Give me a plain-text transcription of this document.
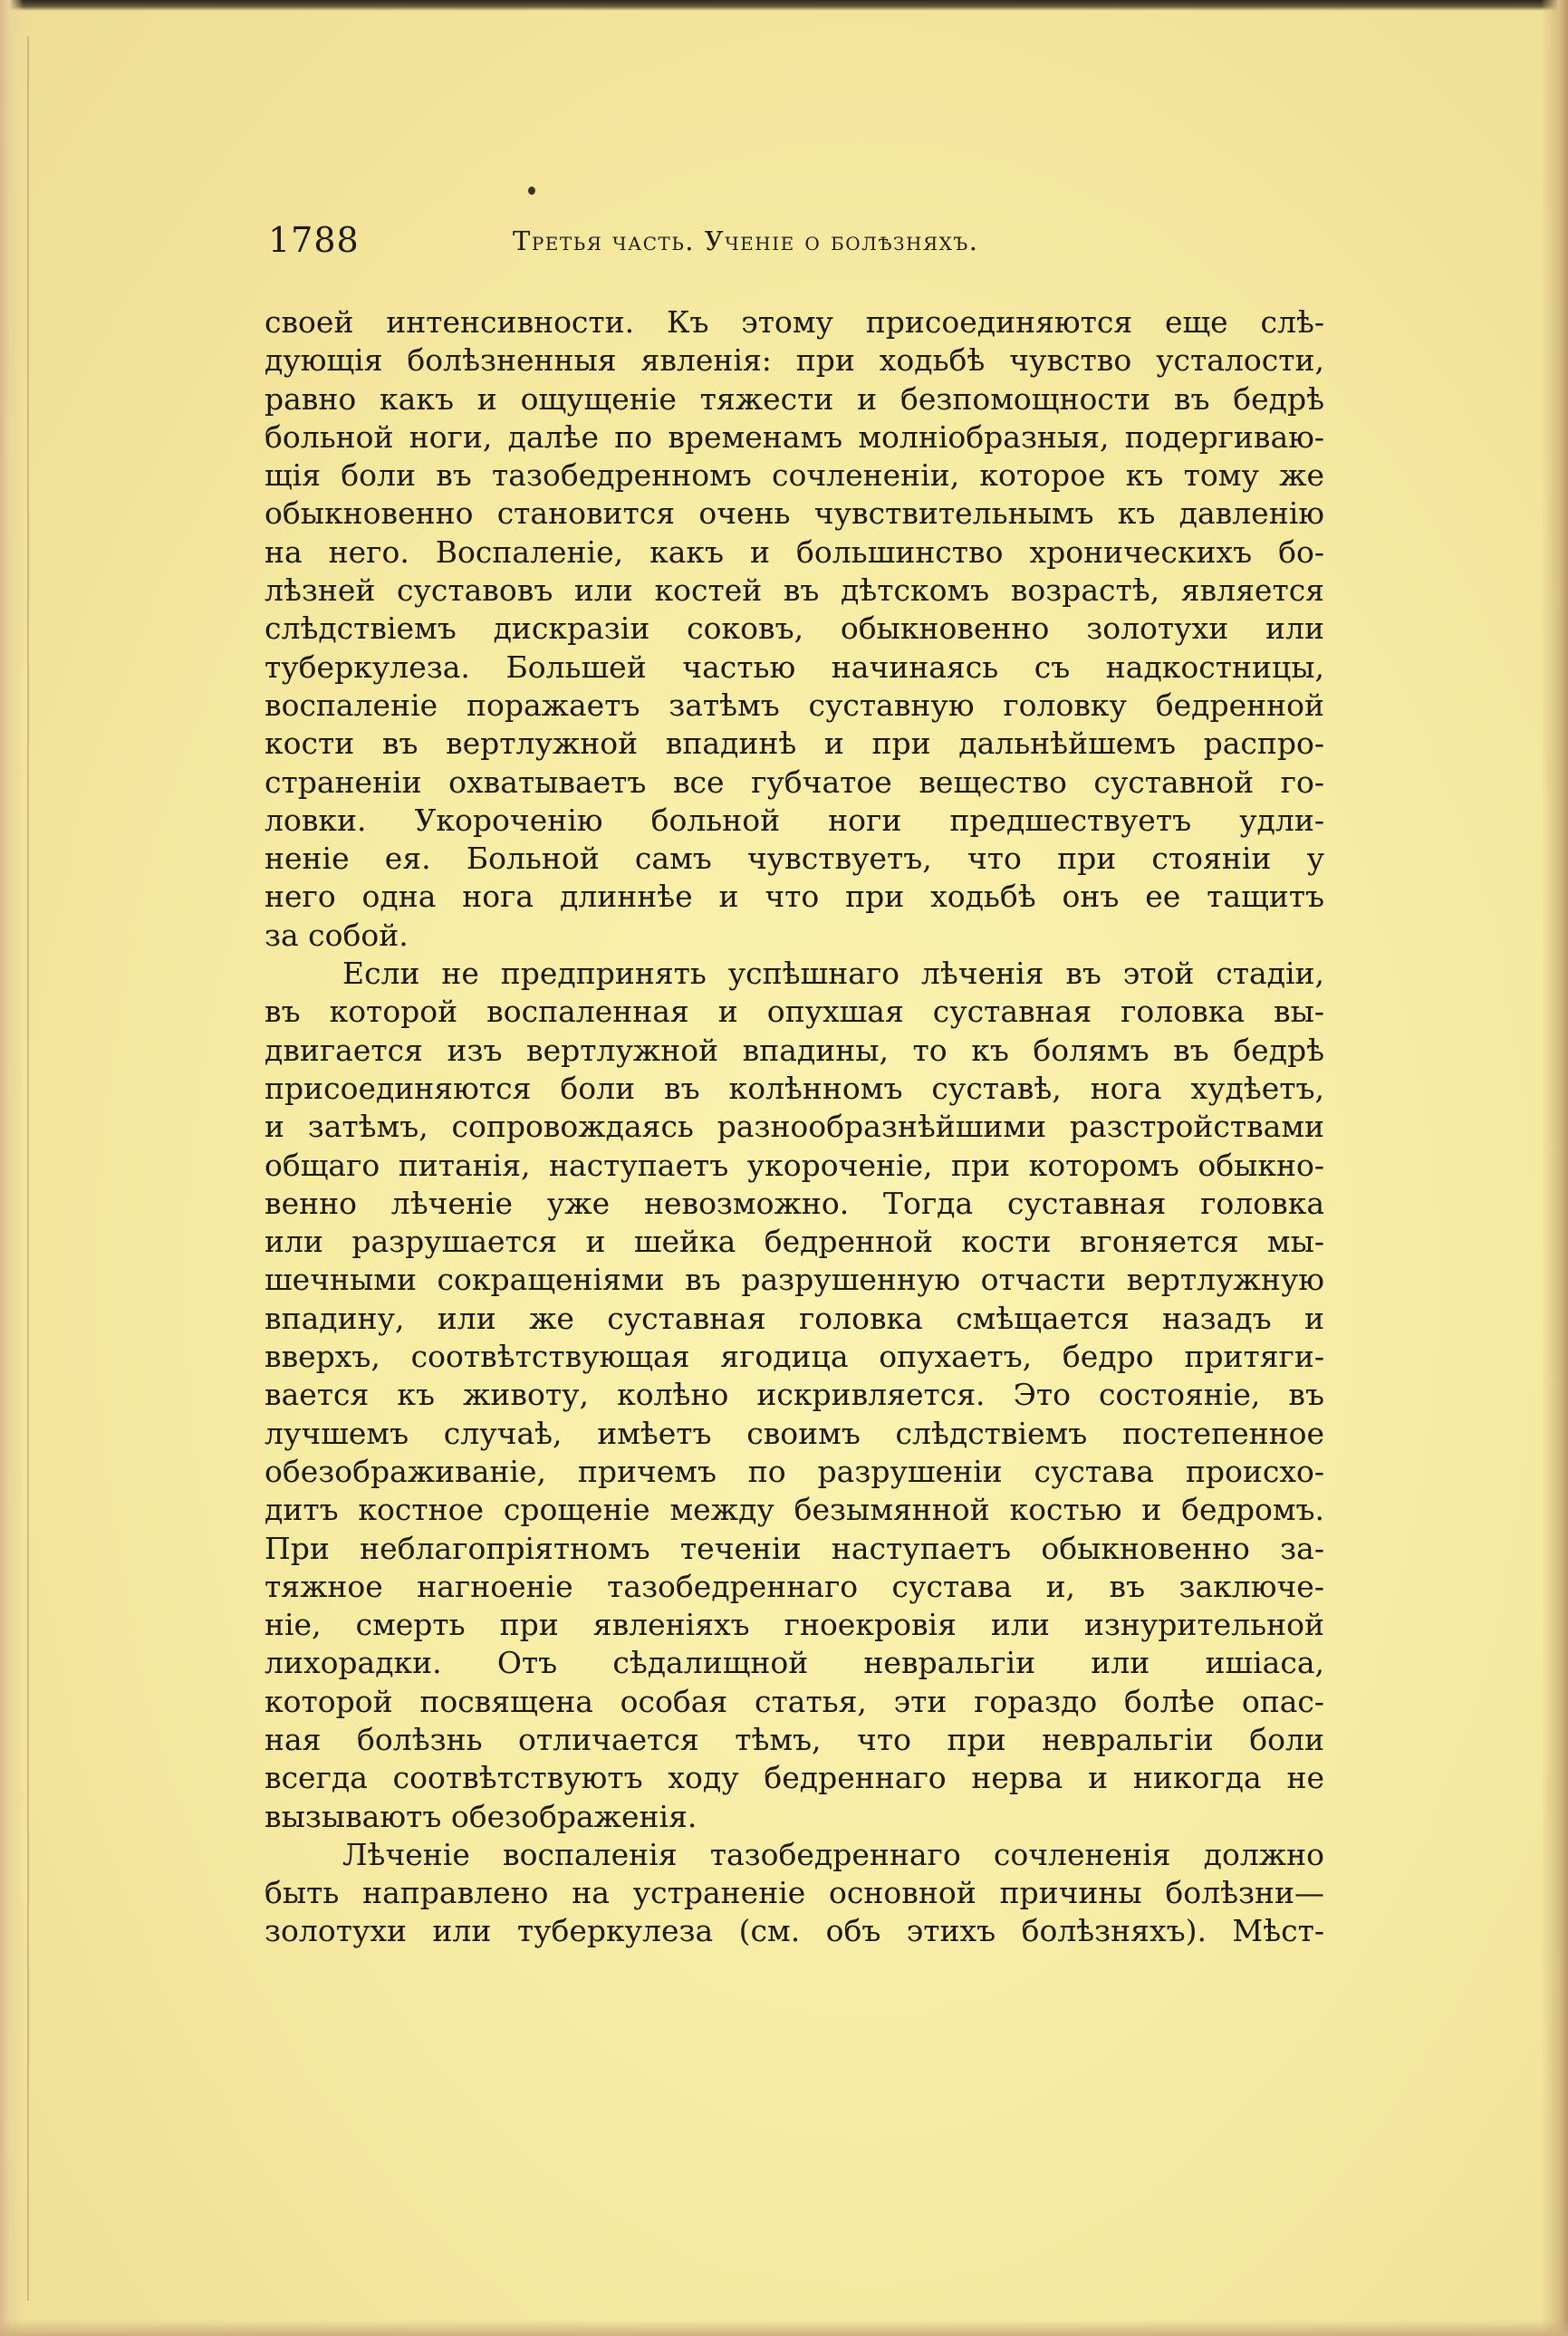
1788	Третья часть. Ученіе о болѣзняхъ.
своей интенсивности. Къ этому присоединяются еще слѣ-
дующія болѣзненныя явленія: при ходьбѣ чувство усталости,
равно какъ и ощущеніе тяжести и безпомощности въ бедрѣ
больной ноги, далѣе по временамъ молніобразныя, подергиваю-
щія боли въ тазобедренномъ сочлененіи, которое къ тому же
обыкновенно становится очень чувствительнымъ къ давленію
на него. Воспаленіе, какъ и большинство хроническихъ бо-
лѣзней суставовъ или костей въ дѣтскомъ возрастѣ, является
слѣдствіемъ дискразіи соковъ, обыкновенно золотухи или
туберкулеза. Большей частью начинаясь съ надкостницы,
воспаленіе поражаетъ затѣмъ суставную головку бедренной
кости въ вертлужной впадинѣ и при дальнѣйшемъ распро-
страненіи охватываетъ все губчатое вещество суставной го-
ловки. Укороченію больной ноги предшествуетъ удли-
неніе ея. Больной самъ чувствуетъ, что при стояніи у
него одна нога длиннѣе и что при ходьбѣ онъ ее тащитъ
за собой.
Если не предпринять успѣшнаго лѣченія въ этой стадіи,
въ которой воспаленная и опухшая суставная головка вы-
двигается изъ вертлужной впадины, то къ болямъ въ бедрѣ
присоединяются боли въ колѣнномъ суставѣ, нога худѣетъ,
и затѣмъ, сопровождаясь разнообразнѣйшими разстройствами
общаго питанія, наступаетъ укороченіе, при которомъ обыкно-
венно лѣченіе уже невозможно. Тогда суставная головка
или разрушается и шейка бедренной кости вгоняется мы-
шечными сокращеніями въ разрушенную отчасти вертлужную
впадину, или же суставная головка смѣщается назадъ и
вверхъ, соотвѣтствующая ягодица опухаетъ, бедро притяги-
вается къ животу, колѣно искривляется. Это состояніе, въ
лучшемъ случаѣ, имѣетъ своимъ слѣдствіемъ постепенное
обезображиваніе, причемъ по разрушеніи сустава происхо-
дитъ костное срощеніе между безымянной костью и бедромъ.
При неблагопріятномъ теченіи наступаетъ обыкновенно за-
тяжное нагноеніе тазобедреннаго сустава и, въ заключе-
ніе, смерть при явленіяхъ гноекровія или изнурительной
лихорадки. Отъ сѣдалищной невральгіи или ишіаса,
которой посвящена особая статья, эти гораздо болѣе опас-
ная болѣзнь отличается тѣмъ, что при невральгіи боли
всегда соотвѣтствуютъ ходу бедреннаго нерва и никогда не
вызываютъ обезображенія.
Лѣченіе воспаленія тазобедреннаго сочлененія должно
быть направлено на устраненіе основной причины болѣзни—
золотухи или туберкулеза (см. объ этихъ болѣзняхъ). Мѣст-
